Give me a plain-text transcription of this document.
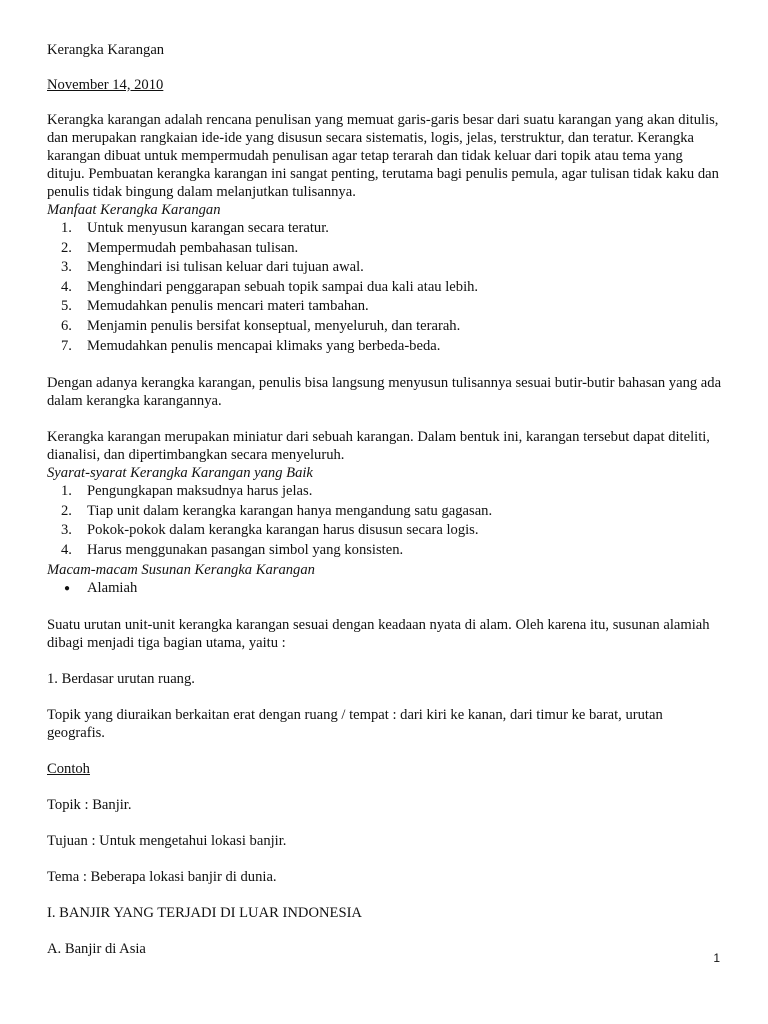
Kerangka Karangan

November 14, 2010

Kerangka karangan adalah rencana penulisan yang memuat garis-garis besar dari suatu karangan yang akan ditulis, dan merupakan rangkaian ide-ide yang disusun secara sistematis, logis, jelas, terstruktur, dan teratur. Kerangka karangan dibuat untuk mempermudah penulisan agar tetap terarah dan tidak keluar dari topik atau tema yang dituju. Pembuatan kerangka karangan ini sangat penting, terutama bagi penulis pemula, agar tulisan tidak kaku dan penulis tidak bingung dalam melanjutkan tulisannya.

Manfaat Kerangka Karangan

1. Untuk menyusun karangan secara teratur.
2. Mempermudah pembahasan tulisan.
3. Menghindari isi tulisan keluar dari tujuan awal.
4. Menghindari penggarapan sebuah topik sampai dua kali atau lebih.
5. Memudahkan penulis mencari materi tambahan.
6. Menjamin penulis bersifat konseptual, menyeluruh, dan terarah.
7. Memudahkan penulis mencapai klimaks yang berbeda-beda.

Dengan adanya kerangka karangan, penulis bisa langsung menyusun tulisannya sesuai butir-butir bahasan yang ada dalam kerangka karangannya.

Kerangka karangan merupakan miniatur dari sebuah karangan. Dalam bentuk ini, karangan tersebut dapat diteliti, dianalisi, dan dipertimbangkan secara menyeluruh.

Syarat-syarat Kerangka Karangan yang Baik

1. Pengungkapan maksudnya harus jelas.
2. Tiap unit dalam kerangka karangan hanya mengandung satu gagasan.
3. Pokok-pokok dalam kerangka karangan harus disusun secara logis.
4. Harus menggunakan pasangan simbol yang konsisten.

Macam-macam Susunan Kerangka Karangan

● Alamiah

Suatu urutan unit-unit kerangka karangan sesuai dengan keadaan nyata di alam. Oleh karena itu, susunan alamiah dibagi menjadi tiga bagian utama, yaitu :

1. Berdasar urutan ruang.

Topik yang diuraikan berkaitan erat dengan ruang / tempat : dari kiri ke kanan, dari timur ke barat, urutan geografis.

Contoh

Topik : Banjir.

Tujuan : Untuk mengetahui lokasi banjir.

Tema : Beberapa lokasi banjir di dunia.

I. BANJIR YANG TERJADI DI LUAR INDONESIA

A. Banjir di Asia

1
